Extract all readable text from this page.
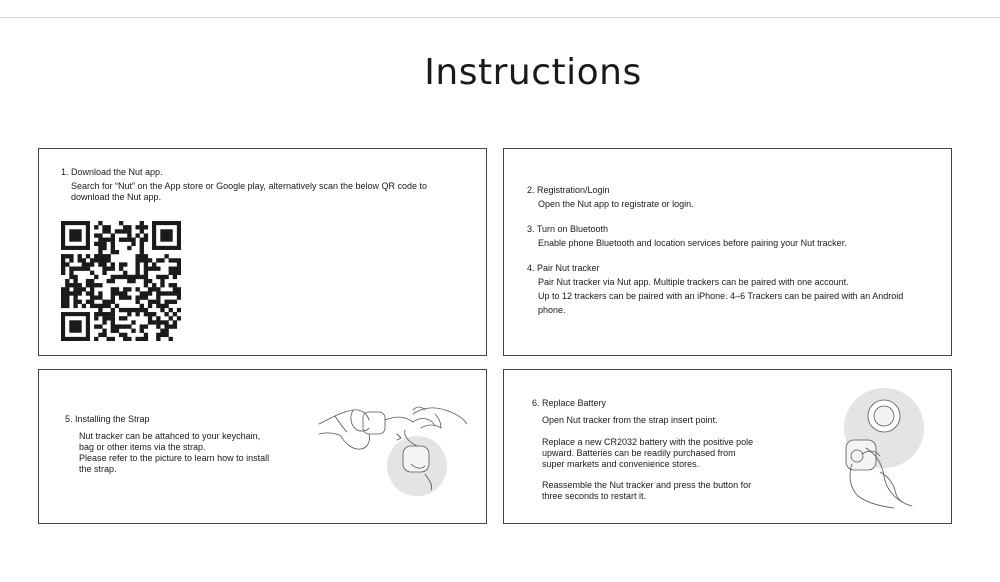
Instructions
1. Download the Nut app.
Search for “Nut” on the App store or Google play, alternatively scan the below QR code to
download the Nut app.
2. Registration/Login
Open the Nut app to registrate or login.
3. Turn on Bluetooth
Enable phone Bluetooth and location services before pairing your Nut tracker.
4. Pair Nut tracker
Pair Nut tracker via Nut app. Multiple trackers can be paired with one account.
Up to 12 trackers can be paired with an iPhone. 4–6 Trackers can be paired with an Android
phone.
5. Installing the Strap
Nut tracker can be attahced to your keychain,
bag or other items via the strap.
Please refer to the picture to learn how to install
the strap.
6. Replace Battery
Open Nut tracker from the strap insert point.
Replace a new CR2032 battery with the positive pole
upward. Batteries can be readily purchased from
super markets and convenience stores.
Reassemble the Nut tracker and press the button for
three seconds to restart it.
